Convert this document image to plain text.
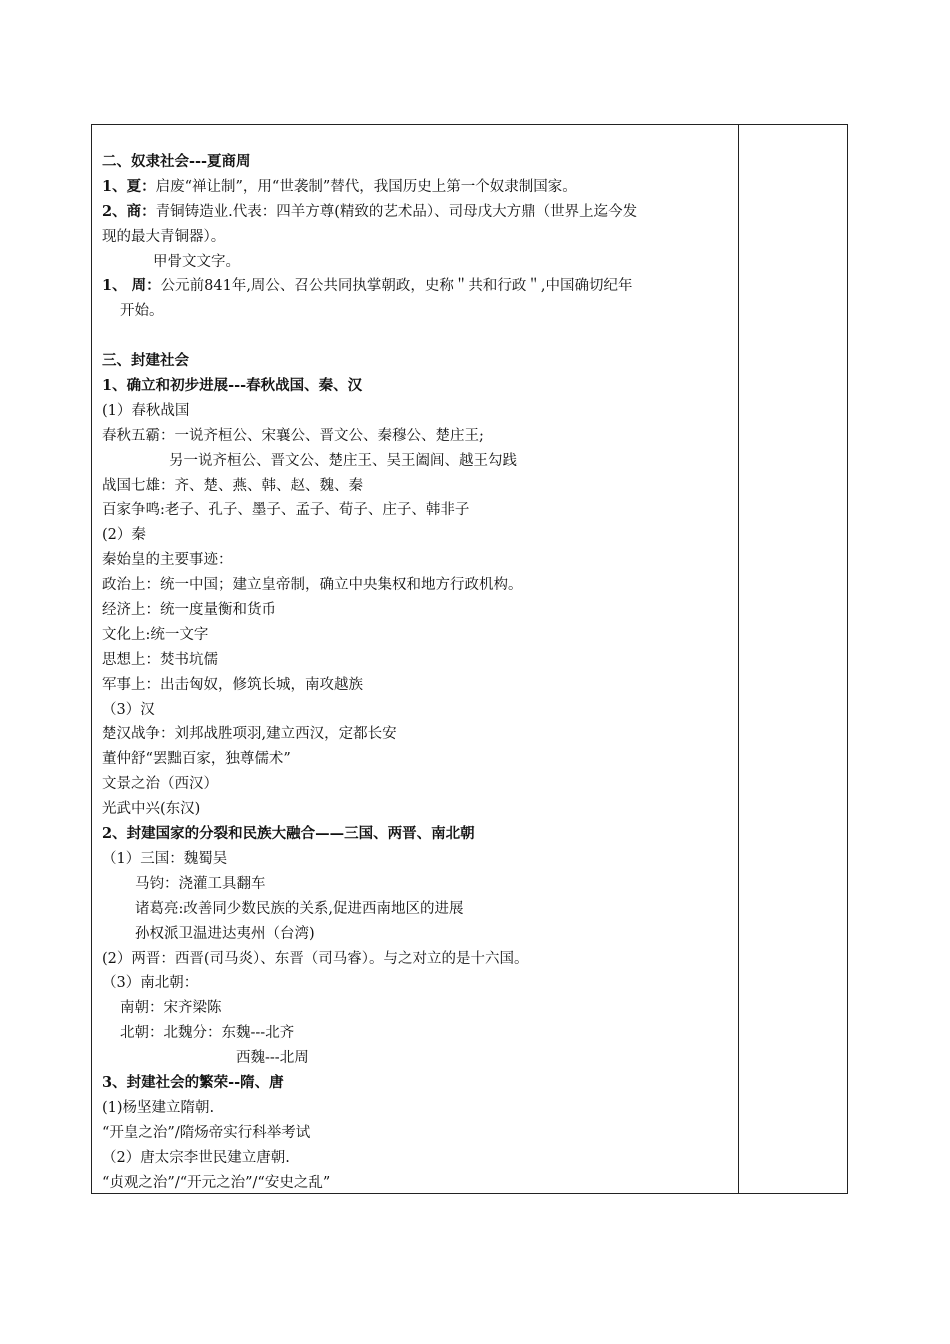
二、奴隶社会---夏商周
1、夏：启废“禅让制”，用“世袭制”替代，我国历史上第一个奴隶制国家。
2、商：青铜铸造业.代表：四羊方尊(精致的艺术品）、司母戊大方鼎（世界上迄今发
现的最大青铜器）。
甲骨文文字。
1、 周：公元前841年,周公、召公共同执掌朝政，史称＂共和行政＂,中国确切纪年
开始。
三、封建社会
1、确立和初步进展---春秋战国、秦、汉
(1）春秋战国
春秋五霸：一说齐桓公、宋襄公、晋文公、秦穆公、楚庄王;
另一说齐桓公、晋文公、楚庄王、吴王阖闾、越王勾践
战国七雄：齐、楚、燕、韩、赵、魏、秦
百家争鸣:老子、孔子、墨子、孟子、荀子、庄子、韩非子
(2）秦
秦始皇的主要事迹：
政治上：统一中国；建立皇帝制，确立中央集权和地方行政机构。
经济上：统一度量衡和货币
文化上:统一文字
思想上：焚书坑儒
军事上：出击匈奴，修筑长城，南攻越族
（3）汉
楚汉战争：刘邦战胜项羽,建立西汉，定都长安
董仲舒“罢黜百家，独尊儒术”
文景之治（西汉）
光武中兴(东汉)
2、封建国家的分裂和民族大融合——三国、两晋、南北朝
（1）三国：魏蜀吴
马钧：浇灌工具翻车
诸葛亮:改善同少数民族的关系,促进西南地区的进展
孙权派卫温进达夷州（台湾)
(2）两晋：西晋(司马炎）、东晋（司马睿）。与之对立的是十六国。
（3）南北朝：
南朝：宋齐梁陈
北朝：北魏分：东魏---北齐
西魏---北周
3、封建社会的繁荣--隋、唐
(1)杨坚建立隋朝.
“开皇之治”/隋炀帝实行科举考试
（2）唐太宗李世民建立唐朝.
“贞观之治”/“开元之治”/“安史之乱”
